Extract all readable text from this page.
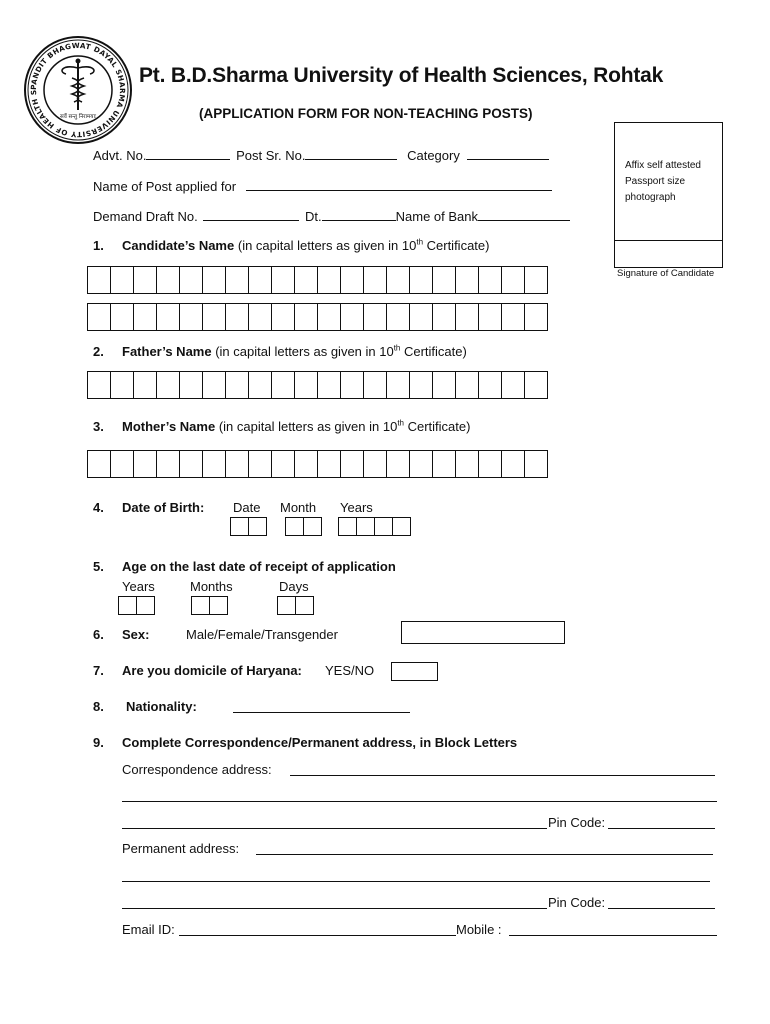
PANDIT BHAGWAT DAYAL SHARMA UNIVERSITY OF HEALTH S
सर्वे सन्तु निरामयाः
Pt. B.D.Sharma University of Health Sciences, Rohtak
(APPLICATION FORM FOR NON-TEACHING POSTS)
Affix self attested
Passport size
photograph
Signature of Candidate
Advt. No.	Post Sr. No.	Category
Name of Post applied for
Demand Draft No.	Dt.	Name of Bank
1. Candidate’s Name (in capital letters as given in 10th Certificate)
2. Father’s Name (in capital letters as given in 10th Certificate)
3. Mother’s Name (in capital letters as given in 10th Certificate)
4. Date of Birth: Date Month Years
5. Age on the last date of receipt of application
Years	Months	Days
6. Sex:	Male/Female/Transgender
7. Are you domicile of Haryana: YES/NO
8. Nationality:
9. Complete Correspondence/Permanent address, in Block Letters
Correspondence address:
Pin Code:
Permanent address:
Pin Code:
Email ID:	Mobile :
